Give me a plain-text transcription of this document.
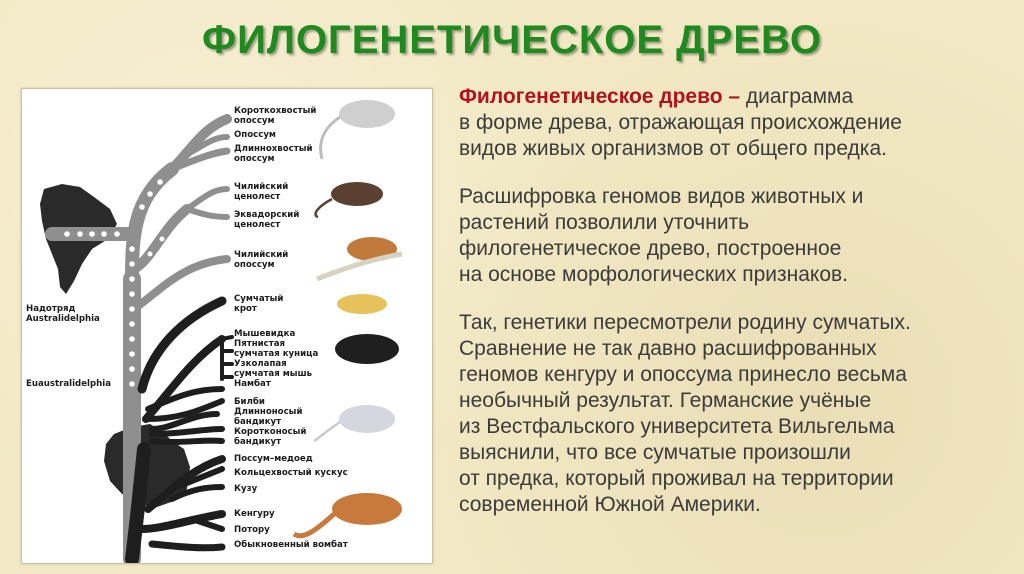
ФИЛОГЕНЕТИЧЕСКОЕ ДРЕВО
Короткохвостый
опоссум
Опоссум
Длиннохвостый
опоссум
Чилийский
ценолест
Эквадорский
ценолест
Чилийский
опоссум
Сумчатый
крот
Мышевидка
Пятнистая
сумчатая куница
Узколапая
сумчатая мышь
Намбат
Билби
Длинноносый
бандикут
Коротконосый
бандикут
Поссум–медоед
Кольцехвостый кускус
Кузу
Кенгуру
Потору
Обыкновенный вомбат
Надотряд
Australidelphia
Euaustralidelphia

Филогенетическое древо – диаграмма
в форме древа, отражающая происхождение
видов живых организмов от общего предка.

Расшифровка геномов видов животных и
растений позволили уточнить
филогенетическое древо, построенное
на основе морфологических признаков.

Так, генетики пересмотрели родину сумчатых.
Сравнение не так давно расшифрованных
геномов кенгуру и опоссума принесло весьма
необычный результат. Германские учёные
из Вестфальского университета Вильгельма
выяснили, что все сумчатые произошли
от предка, который проживал на территории
современной Южной Америки.
